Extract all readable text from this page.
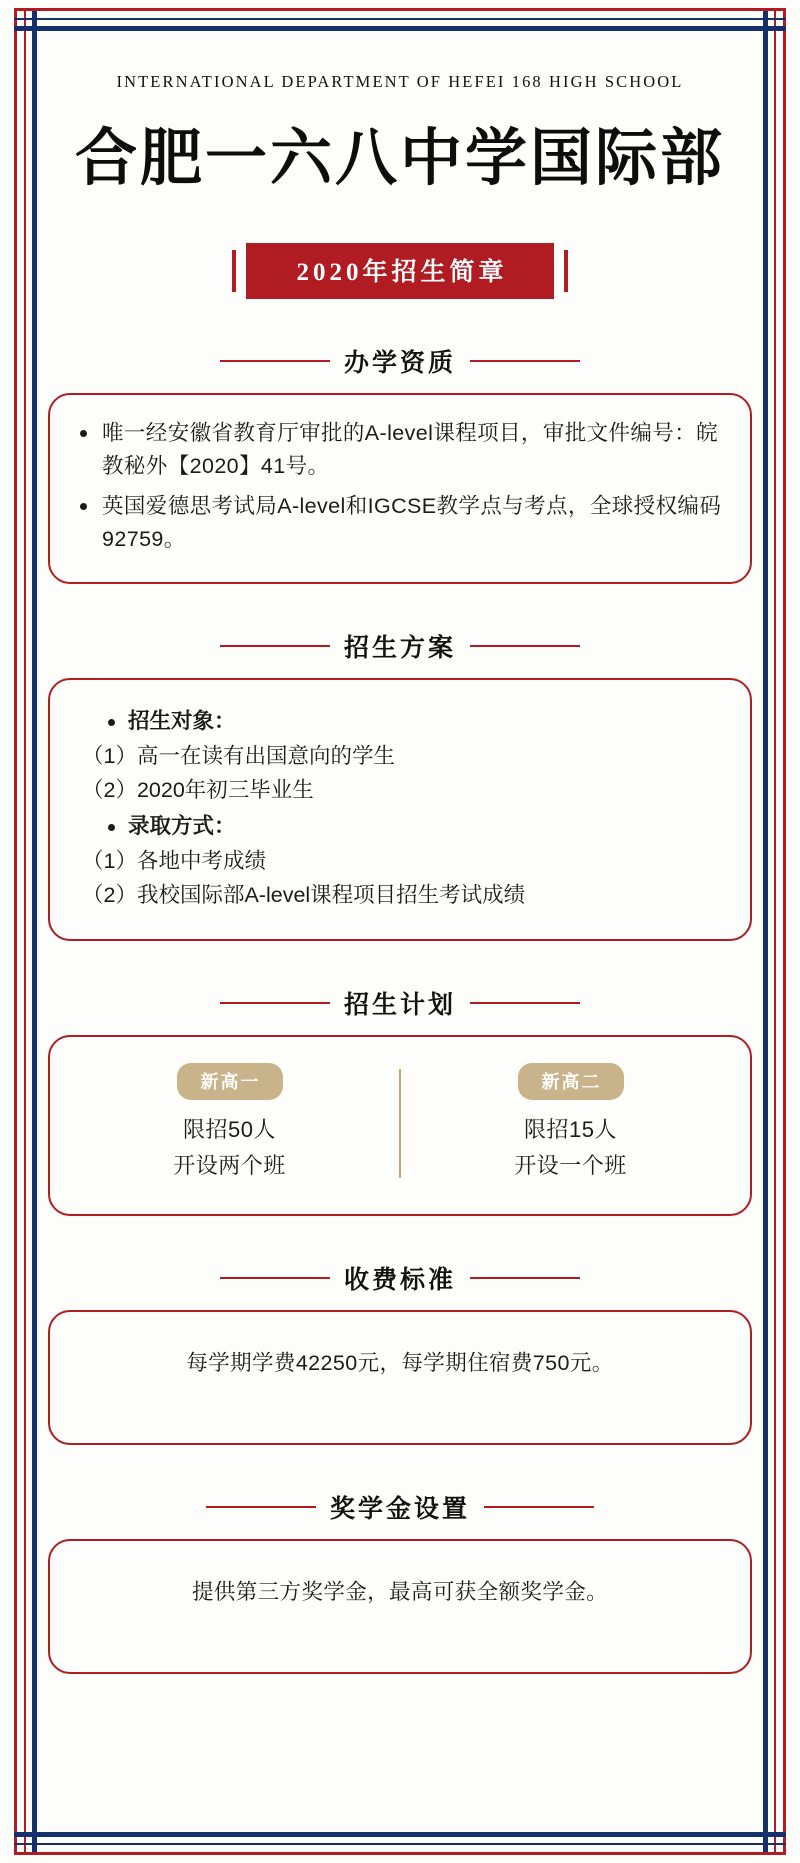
INTERNATIONAL DEPARTMENT OF HEFEI 168 HIGH SCHOOL
合肥一六八中学国际部
2020年招生简章
办学资质
唯一经安徽省教育厅审批的A-level课程项目，审批文件编号：皖教秘外【2020】41号。
英国爱德思考试局A-level和IGCSE教学点与考点，全球授权编码92759。
招生方案
招生对象：
（1）高一在读有出国意向的学生
（2）2020年初三毕业生
录取方式：
（1）各地中考成绩
（2）我校国际部A-level课程项目招生考试成绩
招生计划
新高一
限招50人
开设两个班
新高二
限招15人
开设一个班
收费标准
每学期学费42250元，每学期住宿费750元。
奖学金设置
提供第三方奖学金，最高可获全额奖学金。
